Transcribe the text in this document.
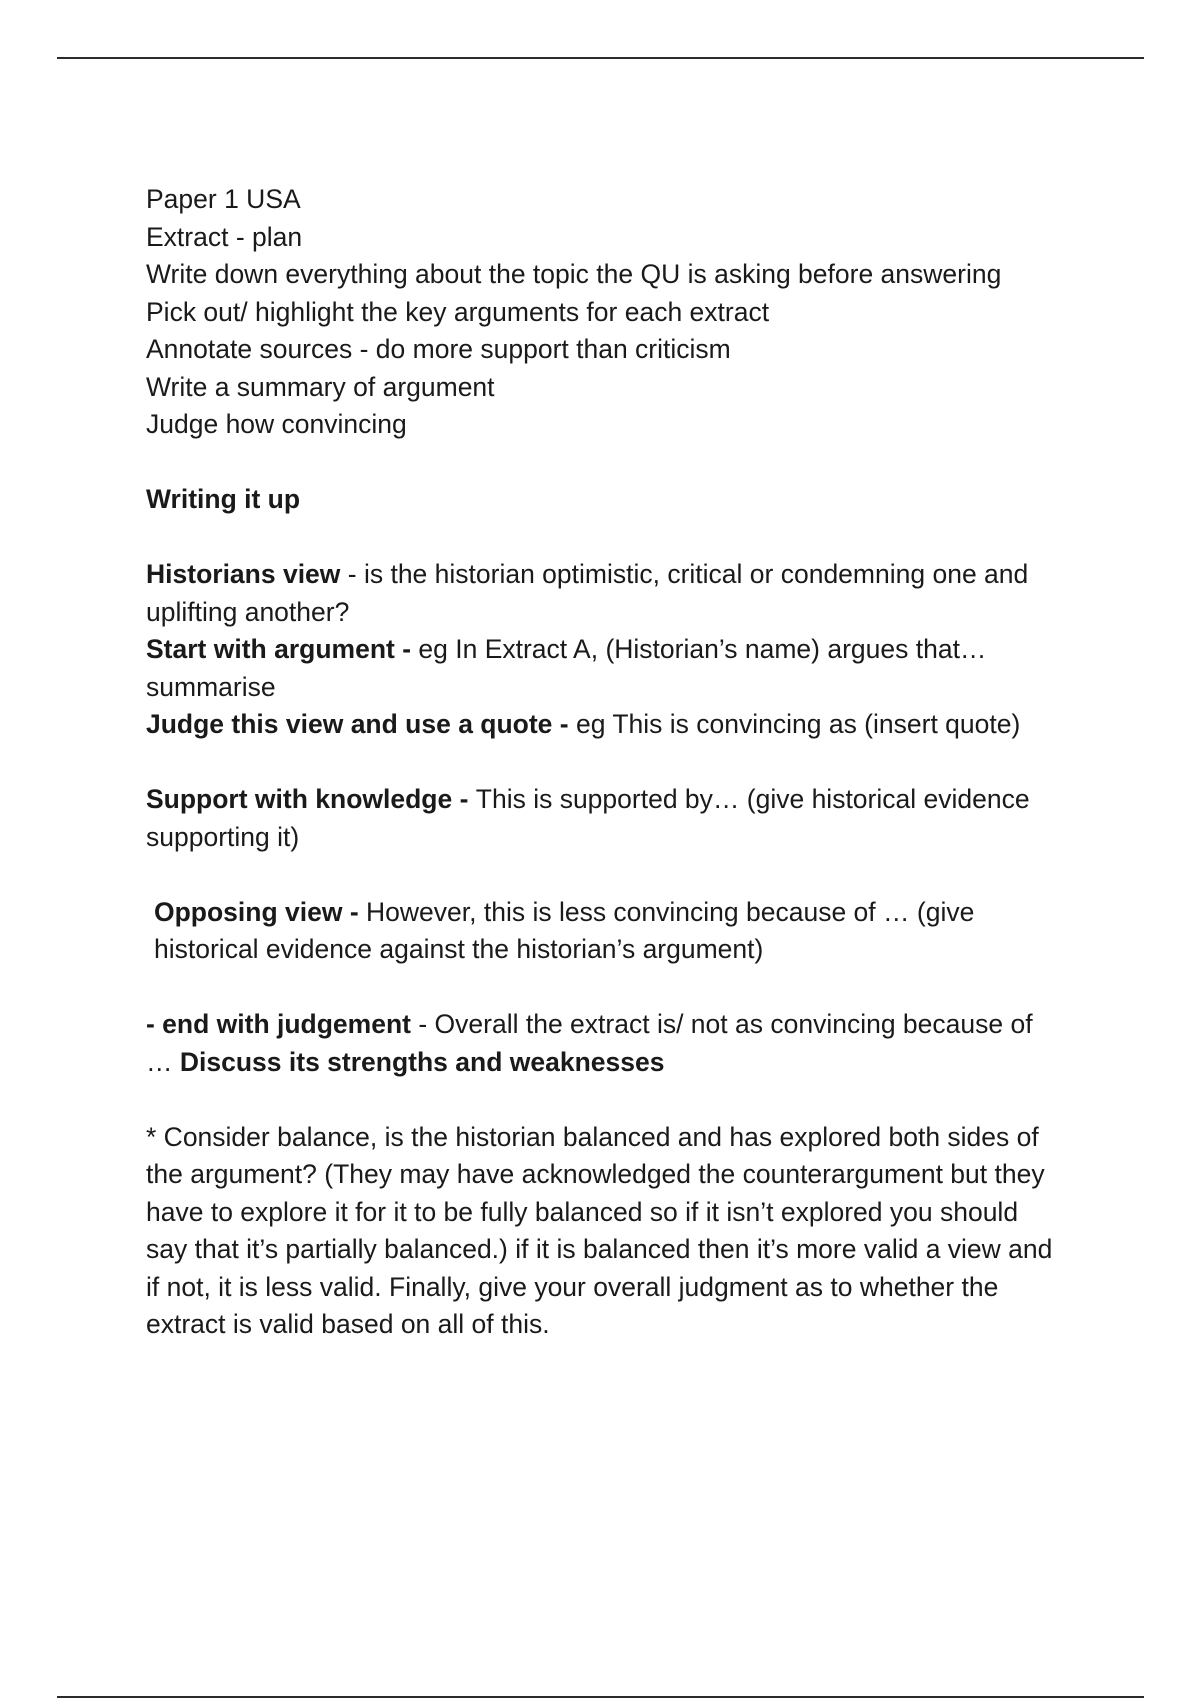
Paper 1 USA

Extract - plan

Write down everything about the topic the QU is asking before answering

Pick out/ highlight the key arguments for each extract

Annotate sources - do more support than criticism

Write a summary of argument

Judge how convincing

Writing it up

Historians view - is the historian optimistic, critical or condemning one and uplifting another?

Start with argument - eg In Extract A, (Historian’s name) argues that… summarise

Judge this view and use a quote - eg This is convincing as (insert quote)

Support with knowledge - This is supported by… (give historical evidence supporting it)

Opposing view - However, this is less convincing because of … (give historical evidence against the historian’s argument)

- end with judgement - Overall the extract is/ not as convincing because of … Discuss its strengths and weaknesses

* Consider balance, is the historian balanced and has explored both sides of the argument? (They may have acknowledged the counterargument but they have to explore it for it to be fully balanced so if it isn’t explored you should say that it’s partially balanced.) if it is balanced then it’s more valid a view and if not, it is less valid. Finally, give your overall judgment as to whether the extract is valid based on all of this.
